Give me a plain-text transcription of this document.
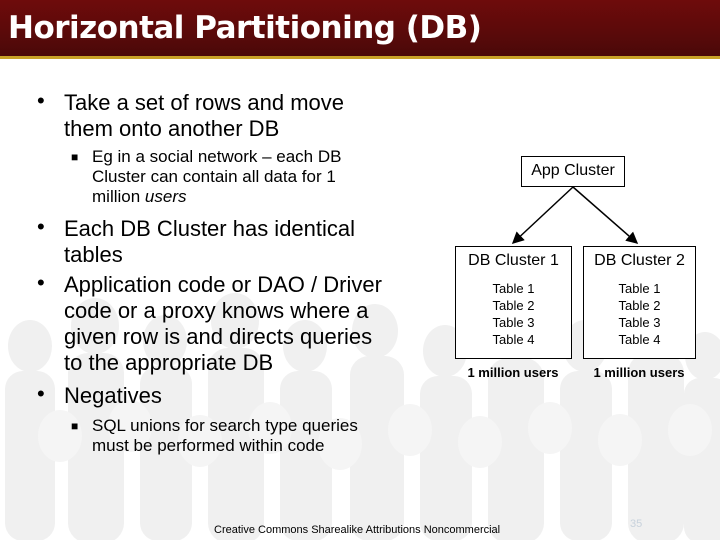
Horizontal Partitioning (DB)
• Take a set of rows and move
them onto another DB
■ Eg in a social network – each DB
Cluster can contain all data for 1
million users
• Each DB Cluster has identical
tables
• Application code or DAO / Driver
code or a proxy knows where a
given row is and directs queries
to the appropriate DB
• Negatives
■ SQL unions for search type queries
must be performed within code
App Cluster
DB Cluster 1
Table 1
Table 2
Table 3
Table 4
DB Cluster 2
Table 1
Table 2
Table 3
Table 4
1 million users	1 million users
Creative Commons Sharealike Attributions Noncommercial	35
